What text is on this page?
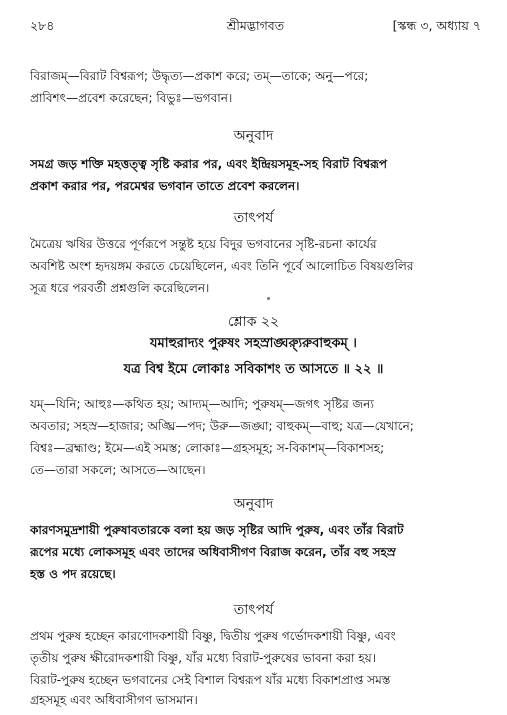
২৮৪	শ্রীমদ্ভাগবত	[স্কন্ধ ৩, অধ্যায় ৭
বিরাজম্—বিরাট বিশ্বরূপ; উদ্ধৃত্য—প্রকাশ করে; তম্—তাকে; অনু—পরে;
প্রাবিশৎ—প্রবেশ করেছেন; বিভুঃ—ভগবান।
অনুবাদ
সমগ্র জড় শক্তি মহত্তত্ত্ব সৃষ্টি করার পর, এবং ইন্দ্রিয়সমূহ-সহ বিরাট বিশ্বরূপ
প্রকাশ করার পর, পরমেশ্বর ভগবান তাতে প্রবেশ করলেন।
তাৎপর্য
মৈত্রেয় ঋষির উত্তরে পূর্ণরূপে সন্তুষ্ট হয়ে বিদুর ভগবানের সৃষ্টি-রচনা কার্যের
অবশিষ্ট অংশ হৃদয়ঙ্গম করতে চেয়েছিলেন, এবং তিনি পূর্বে আলোচিত বিষয়গুলির
সূত্র ধরে পরবর্তী প্রশ্নগুলি করেছিলেন।
শ্লোক ২২
যমাহুরাদ্যং পুরুষং সহস্রাঙ্ঘ্র্যুরুবাহুকম্ ।
যত্র বিশ্ব ইমে লোকাঃ সবিকাশং ত আসতে ॥ ২২ ॥
যম্—যিনি; আহুঃ—কথিত হয়; আদ্যম্—আদি; পুরুষম্—জগৎ সৃষ্টির জন্য
অবতার; সহস্র—হাজার; অঙ্ঘ্রি—পদ; উরু—জঙ্ঘা; বাহুকম্—বাহু; যত্র—যেখানে;
বিশ্বঃ—ব্রহ্মাণ্ড; ইমে—এই সমস্ত; লোকাঃ—গ্রহসমূহ; স-বিকাশম্—বিকাশসহ;
তে—তারা সকলে; আসতে—আছেন।
অনুবাদ
কারণসমুদ্রশায়ী পুরুষাবতারকে বলা হয় জড় সৃষ্টির আদি পুরুষ, এবং তাঁর বিরাট
রূপের মধ্যে লোকসমূহ এবং তাদের অধিবাসীগণ বিরাজ করেন, তাঁর বহু সহস্র
হস্ত ও পদ রয়েছে।
তাৎপর্য
প্রথম পুরুষ হচ্ছেন কারণোদকশায়ী বিষ্ণু, দ্বিতীয় পুরুষ গর্ভোদকশায়ী বিষ্ণু, এবং
তৃতীয় পুরুষ ক্ষীরোদকশায়ী বিষ্ণু, যাঁর মধ্যে বিরাট-পুরুষের ভাবনা করা হয়।
বিরাট-পুরুষ হচ্ছেন ভগবানের সেই বিশাল বিশ্বরূপ যাঁর মধ্যে বিকাশপ্রাপ্ত সমস্ত
গ্রহসমূহ এবং অধিবাসীগণ ভাসমান।
